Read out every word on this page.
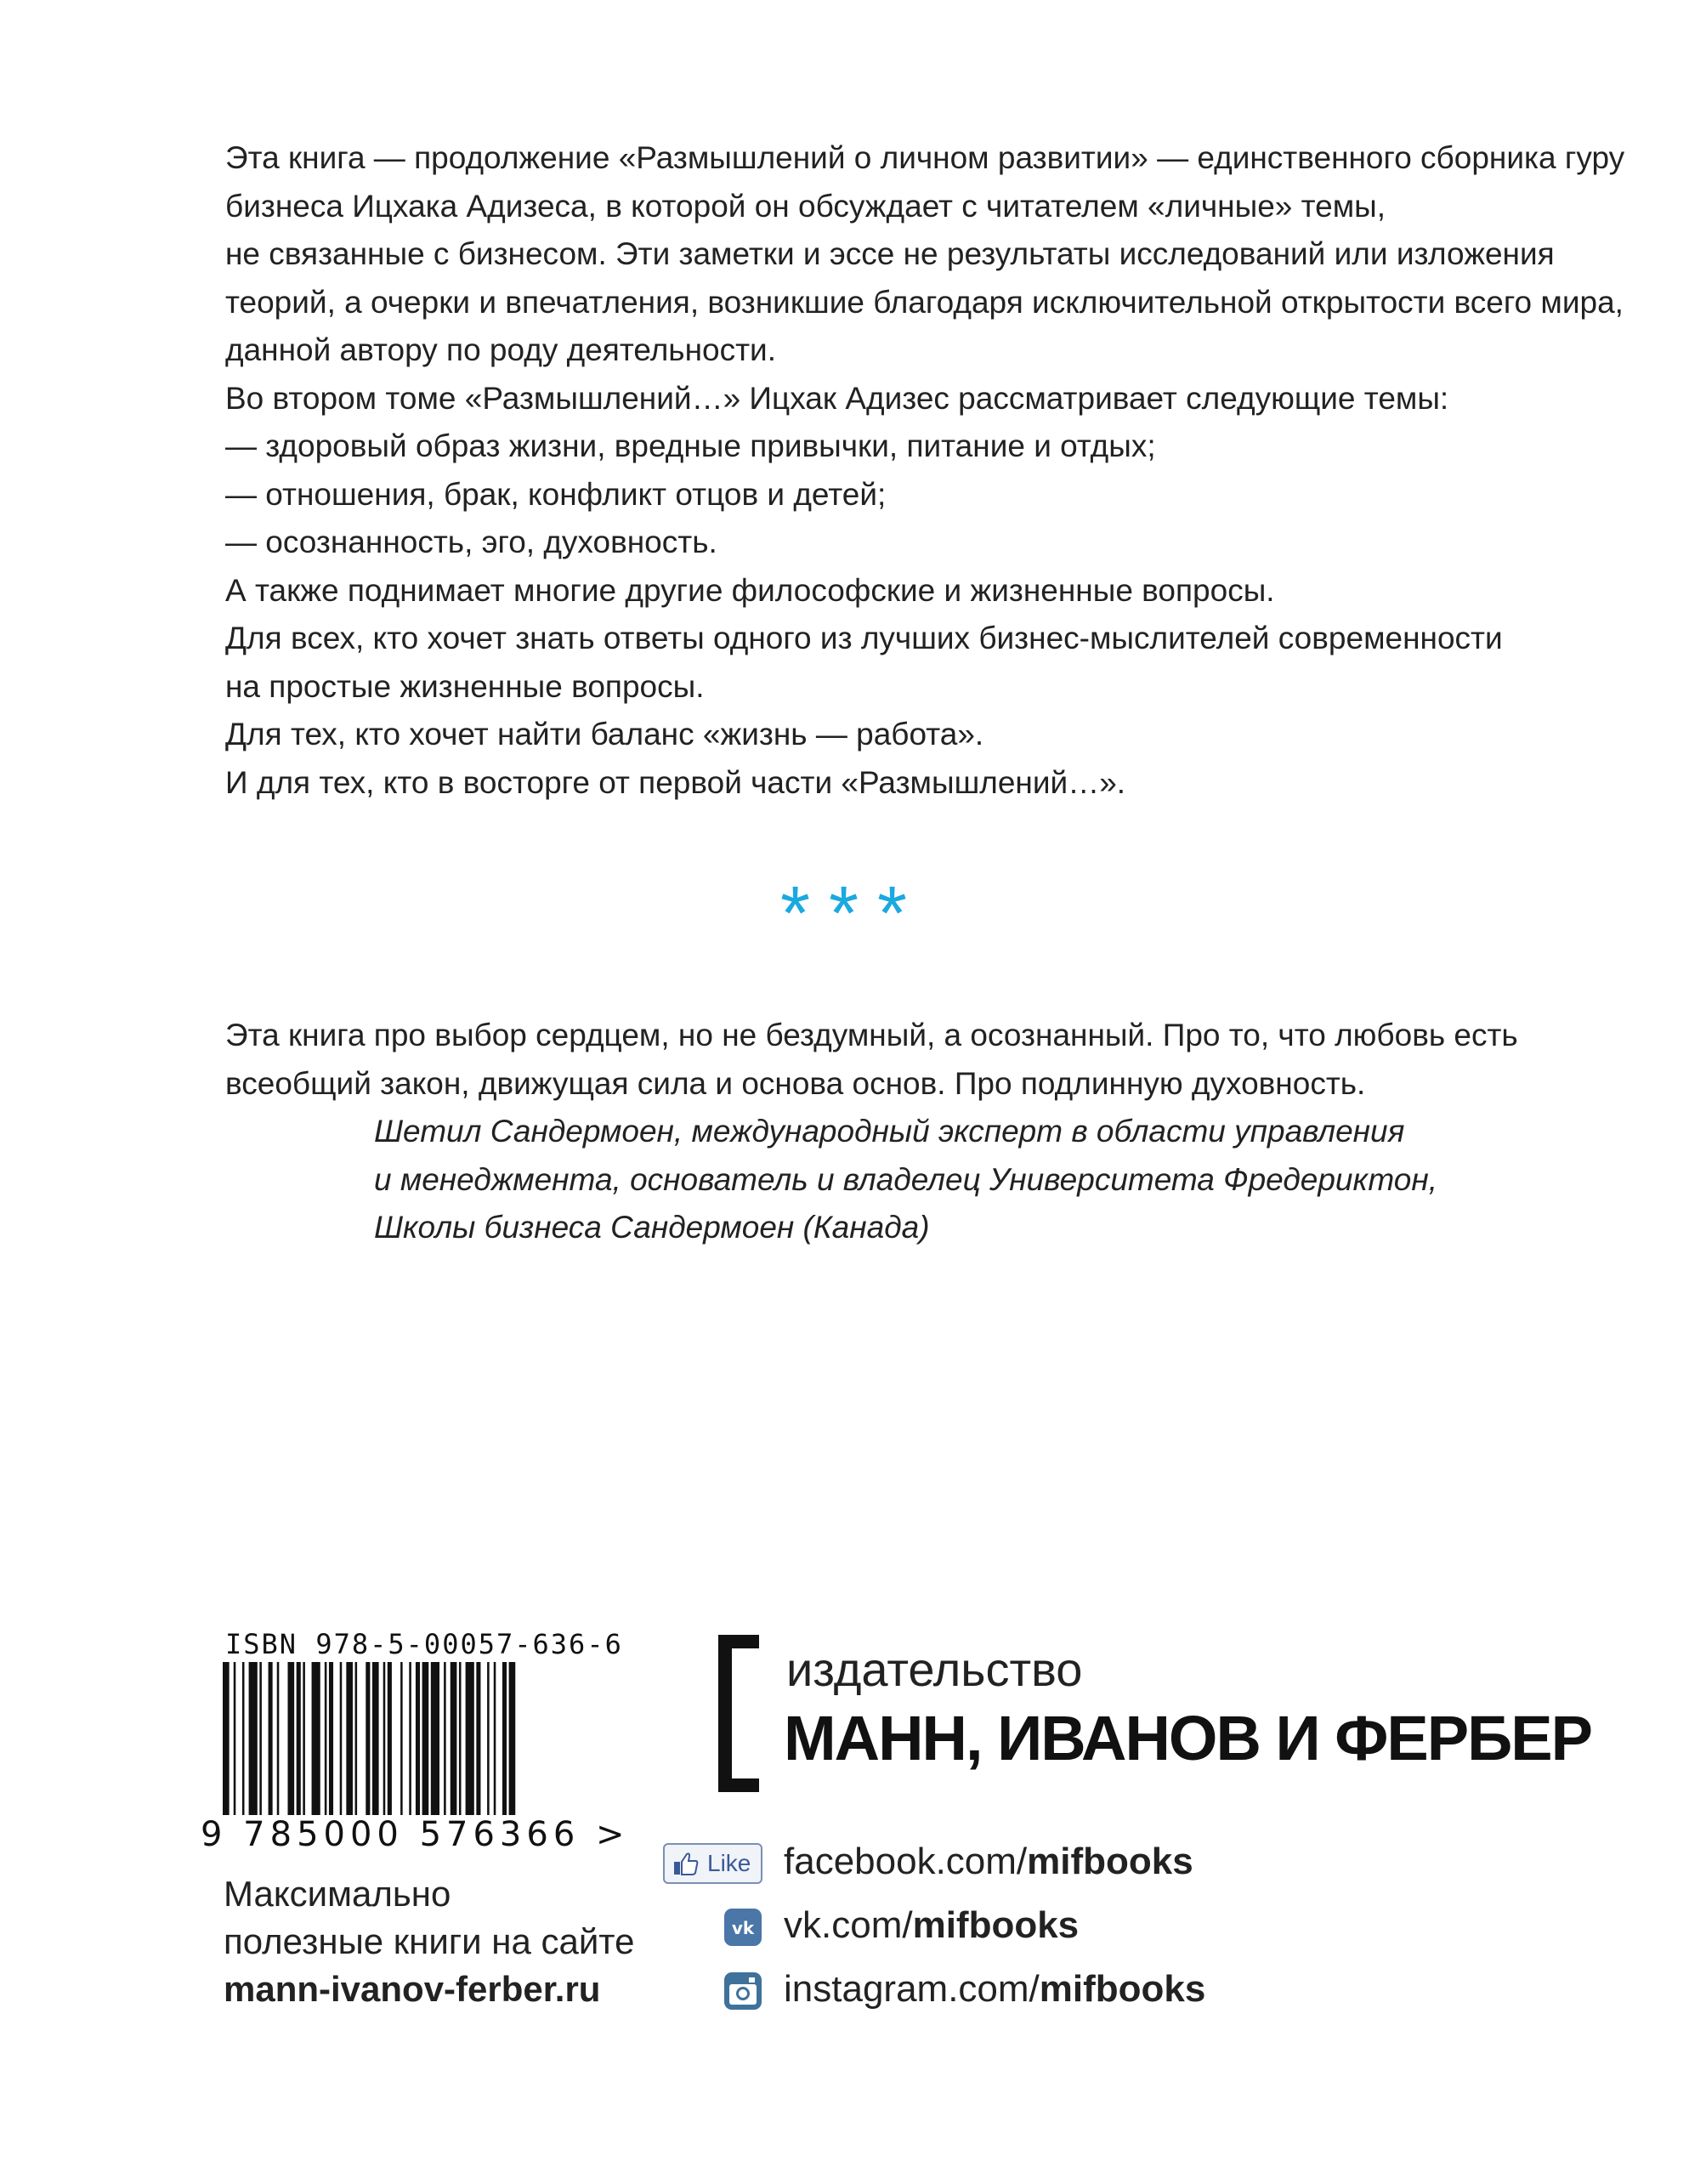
Эта книга — продолжение «Размышлений о личном развитии» — единственного сборника гуру

бизнеса Ицхака Адизеса, в которой он обсуждает с читателем «личные» темы,

не связанные с бизнесом. Эти заметки и эссе не результаты исследований или изложения

теорий, а очерки и впечатления, возникшие благодаря исключительной открытости всего мира,

данной автору по роду деятельности.

Во втором томе «Размышлений…» Ицхак Адизес рассматривает следующие темы:

— здоровый образ жизни, вредные привычки, питание и отдых;

— отношения, брак, конфликт отцов и детей;

— осознанность, эго, духовность.

А также поднимает многие другие философские и жизненные вопросы.

Для всех, кто хочет знать ответы одного из лучших бизнес-мыслителей современности

на простые жизненные вопросы.

Для тех, кто хочет найти баланс «жизнь — работа».

И для тех, кто в восторге от первой части «Размышлений…».

***

Эта книга про выбор сердцем, но не бездумный, а осознанный. Про то, что любовь есть

всеобщий закон, движущая сила и основа основ. Про подлинную духовность.

Шетил Сандермоен, международный эксперт в области управления

и менеджмента, основатель и владелец Университета Фредериктон,

Школы бизнеса Сандермоен (Канада)

ISBN 978-5-00057-636-6
9 785000 576366 >
Максимально
полезные книги на сайте
mann-ivanov-ferber.ru
издательство
МАНН, ИВАНОВ И ФЕРБЕР
Like facebook.com/mifbooks
vk vk.com/mifbooks
instagram.com/mifbooks
